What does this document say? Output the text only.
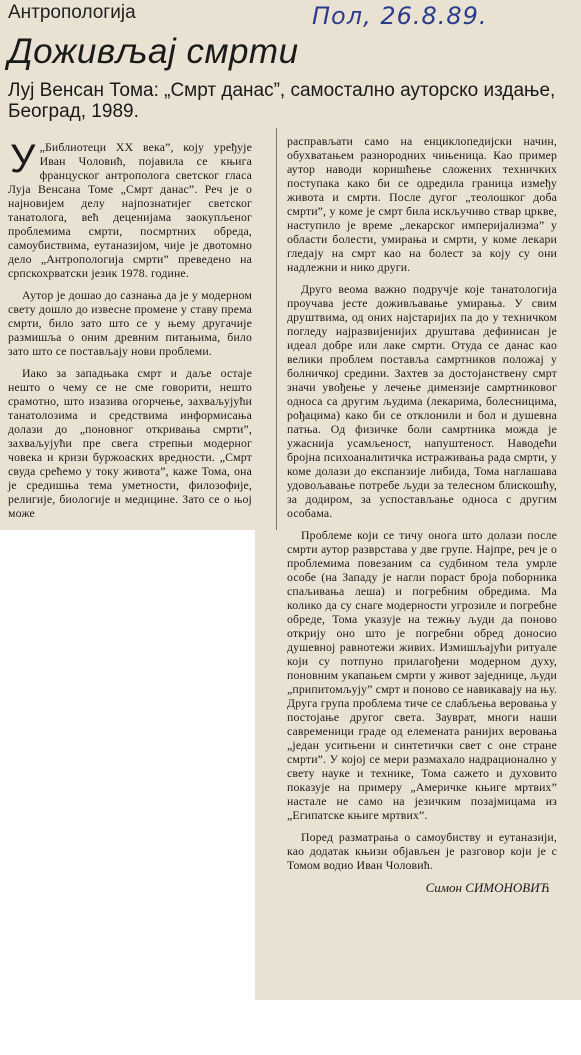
Антропологија	Пол, 26.8.89.
Доживљај смрти
Луј Венсан Тома: „Смрт данас”, самостално ауторско издање, Београд, 1989.

У „Библиотеци XX века”, коју уређује Иван Чоловић, појавила се књига француског антрополога светског гласа Луја Венсана Томе „Смрт данас”. Реч је о најновијем делу најпознатијег светског танатолога, већ деценијама заокупљеног проблемима смрти, посмртних обреда, самоубиствима, еутаназијом, чије је двотомно дело „Антропологија смрти” преведено на српскохрватски језик 1978. године.

Аутор је дошао до сазнања да је у модерном свету дошло до извесне промене у ставу према смрти, било зато што се у њему другачије размишља о оним древним питањима, било зато што се постављају нови проблеми.

Иако за западњака смрт и даље остаје нешто о чему се не сме говорити, нешто срамотно, што изазива огорчење, захваљујући танатолозима и средствима информисања долази до „поновног откривања смрти”, захваљујући пре свега стрепњи модерног човека и кризи буржоаских вредности. „Смрт свуда срећемо у току живота”, каже Тома, она је средишња тема уметности, филозофије, религије, биологије и медицине. Зато се о њој може

расправљати само на енциклопедијски начин, обухватањем разнородних чињеница. Као пример аутор наводи коришћење сложених техничких поступака како би се одредила граница између живота и смрти. После дугог „теолошког доба смрти”, у коме је смрт била искључиво ствар цркве, наступило је време „лекарског империјализма” у области болести, умирања и смрти, у коме лекари гледају на смрт као на болест за коју су они надлежни и нико други.

Друго веома важно подручје које танатологија проучава јесте доживљавање умирања. У свим друштвима, од оних најстаријих па до у техничком погледу најразвијенијих друштава дефинисан је идеал добре или лаке смрти. Отуда се данас као велики проблем поставља самртников положај у болничкој средини. Захтев за достојанствену смрт значи увођење у лечење димензије самртниковог односа са другим људима (лекарима, болесницима, рођацима) како би се отклонили и бол и душевна патња. Од физичке боли самртника можда је ужаснија усамљеност, напуштеност. Наводећи бројна психоаналитичка истраживања рада смрти, у коме долази до експанзије либида, Тома наглашава удовољавање потребе људи за телесном блискошћу, за додиром, за успостављање односа с другим особама.

Проблеме који се тичу онога што долази после смрти аутор разврстава у две групе. Најпре, реч је о проблемима повезаним са судбином тела умрле особе (на Западу је нагли пораст броја поборника спаљивања леша) и погребним обредима. Ма колико да су снаге модерности угрозиле и погребне обреде, Тома указује на тежњу људи да поново открију оно што је погребни обред доносио душевној равнотежи живих. Измишљајући ритуале који су потпуно прилагођени модерном духу, поновним укапањем смрти у живот заједнице, људи „припитомљују” смрт и поново се навикавају на њу. Друга група проблема тиче се слабљења веровања у постојање другог света. Зауврат, многи наши савременици граде од елемената ранијих веровања „један уситњени и синтетички свет с оне стране смрти”. У којој се мери размахало надрационално у свету науке и технике, Тома сажето и духовито показује на примеру „Америчке књиге мртвих” настале не само на језичким позајмицама из „Египатске књиге мртвих”.

Поред разматрања о самоубиству и еутаназији, као додатак књизи објављен је разговор који је с Томом водио Иван Чоловић.

Симон СИМОНОВИЋ
